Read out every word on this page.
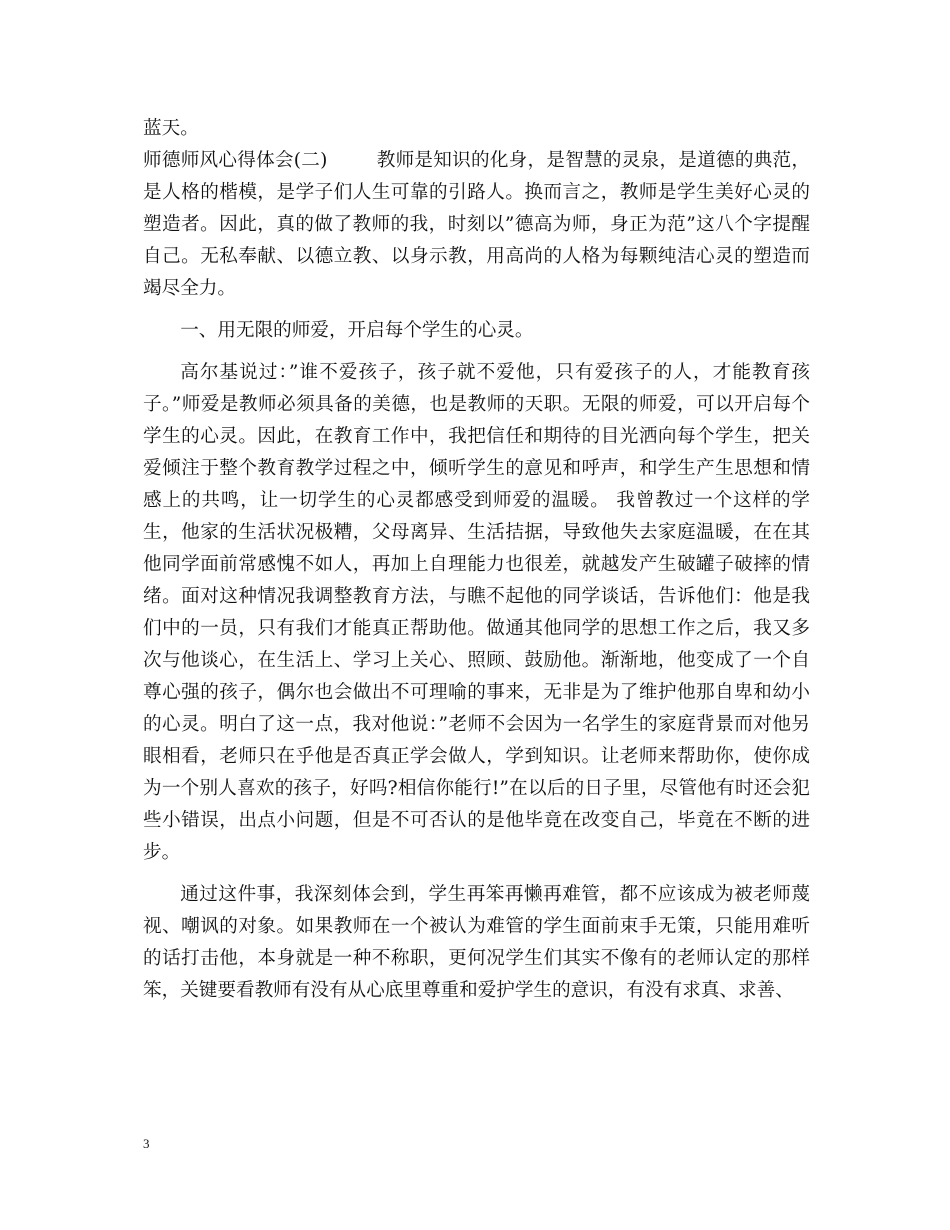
蓝天。

师德师风心得体会(二)	教师是知识的化身，是智慧的灵泉，是道德的典范，是人格的楷模，是学子们人生可靠的引路人。换而言之，教师是学生美好心灵的塑造者。因此，真的做了教师的我，时刻以”德高为师，身正为范”这八个字提醒自己。无私奉献、以德立教、以身示教，用高尚的人格为每颗纯洁心灵的塑造而竭尽全力。

一、用无限的师爱，开启每个学生的心灵。

高尔基说过：”谁不爱孩子，孩子就不爱他，只有爱孩子的人，才能教育孩子。”师爱是教师必须具备的美德，也是教师的天职。无限的师爱，可以开启每个学生的心灵。因此，在教育工作中，我把信任和期待的目光洒向每个学生，把关爱倾注于整个教育教学过程之中，倾听学生的意见和呼声，和学生产生思想和情感上的共鸣，让一切学生的心灵都感受到师爱的温暖。 我曾教过一个这样的学生，他家的生活状况极糟，父母离异、生活拮据，导致他失去家庭温暖，在在其他同学面前常感愧不如人，再加上自理能力也很差，就越发产生破罐子破摔的情绪。面对这种情况我调整教育方法，与瞧不起他的同学谈话，告诉他们：他是我们中的一员，只有我们才能真正帮助他。做通其他同学的思想工作之后，我又多次与他谈心，在生活上、学习上关心、照顾、鼓励他。渐渐地，他变成了一个自尊心强的孩子，偶尔也会做出不可理喻的事来，无非是为了维护他那自卑和幼小的心灵。明白了这一点，我对他说：”老师不会因为一名学生的家庭背景而对他另眼相看，老师只在乎他是否真正学会做人，学到知识。让老师来帮助你，使你成为一个别人喜欢的孩子，好吗?相信你能行!”在以后的日子里，尽管他有时还会犯些小错误，出点小问题，但是不可否认的是他毕竟在改变自己，毕竟在不断的进步。

通过这件事，我深刻体会到，学生再笨再懒再难管，都不应该成为被老师蔑视、嘲讽的对象。如果教师在一个被认为难管的学生面前束手无策，只能用难听的话打击他，本身就是一种不称职，更何况学生们其实不像有的老师认定的那样笨，关键要看教师有没有从心底里尊重和爱护学生的意识，有没有求真、求善、

3
